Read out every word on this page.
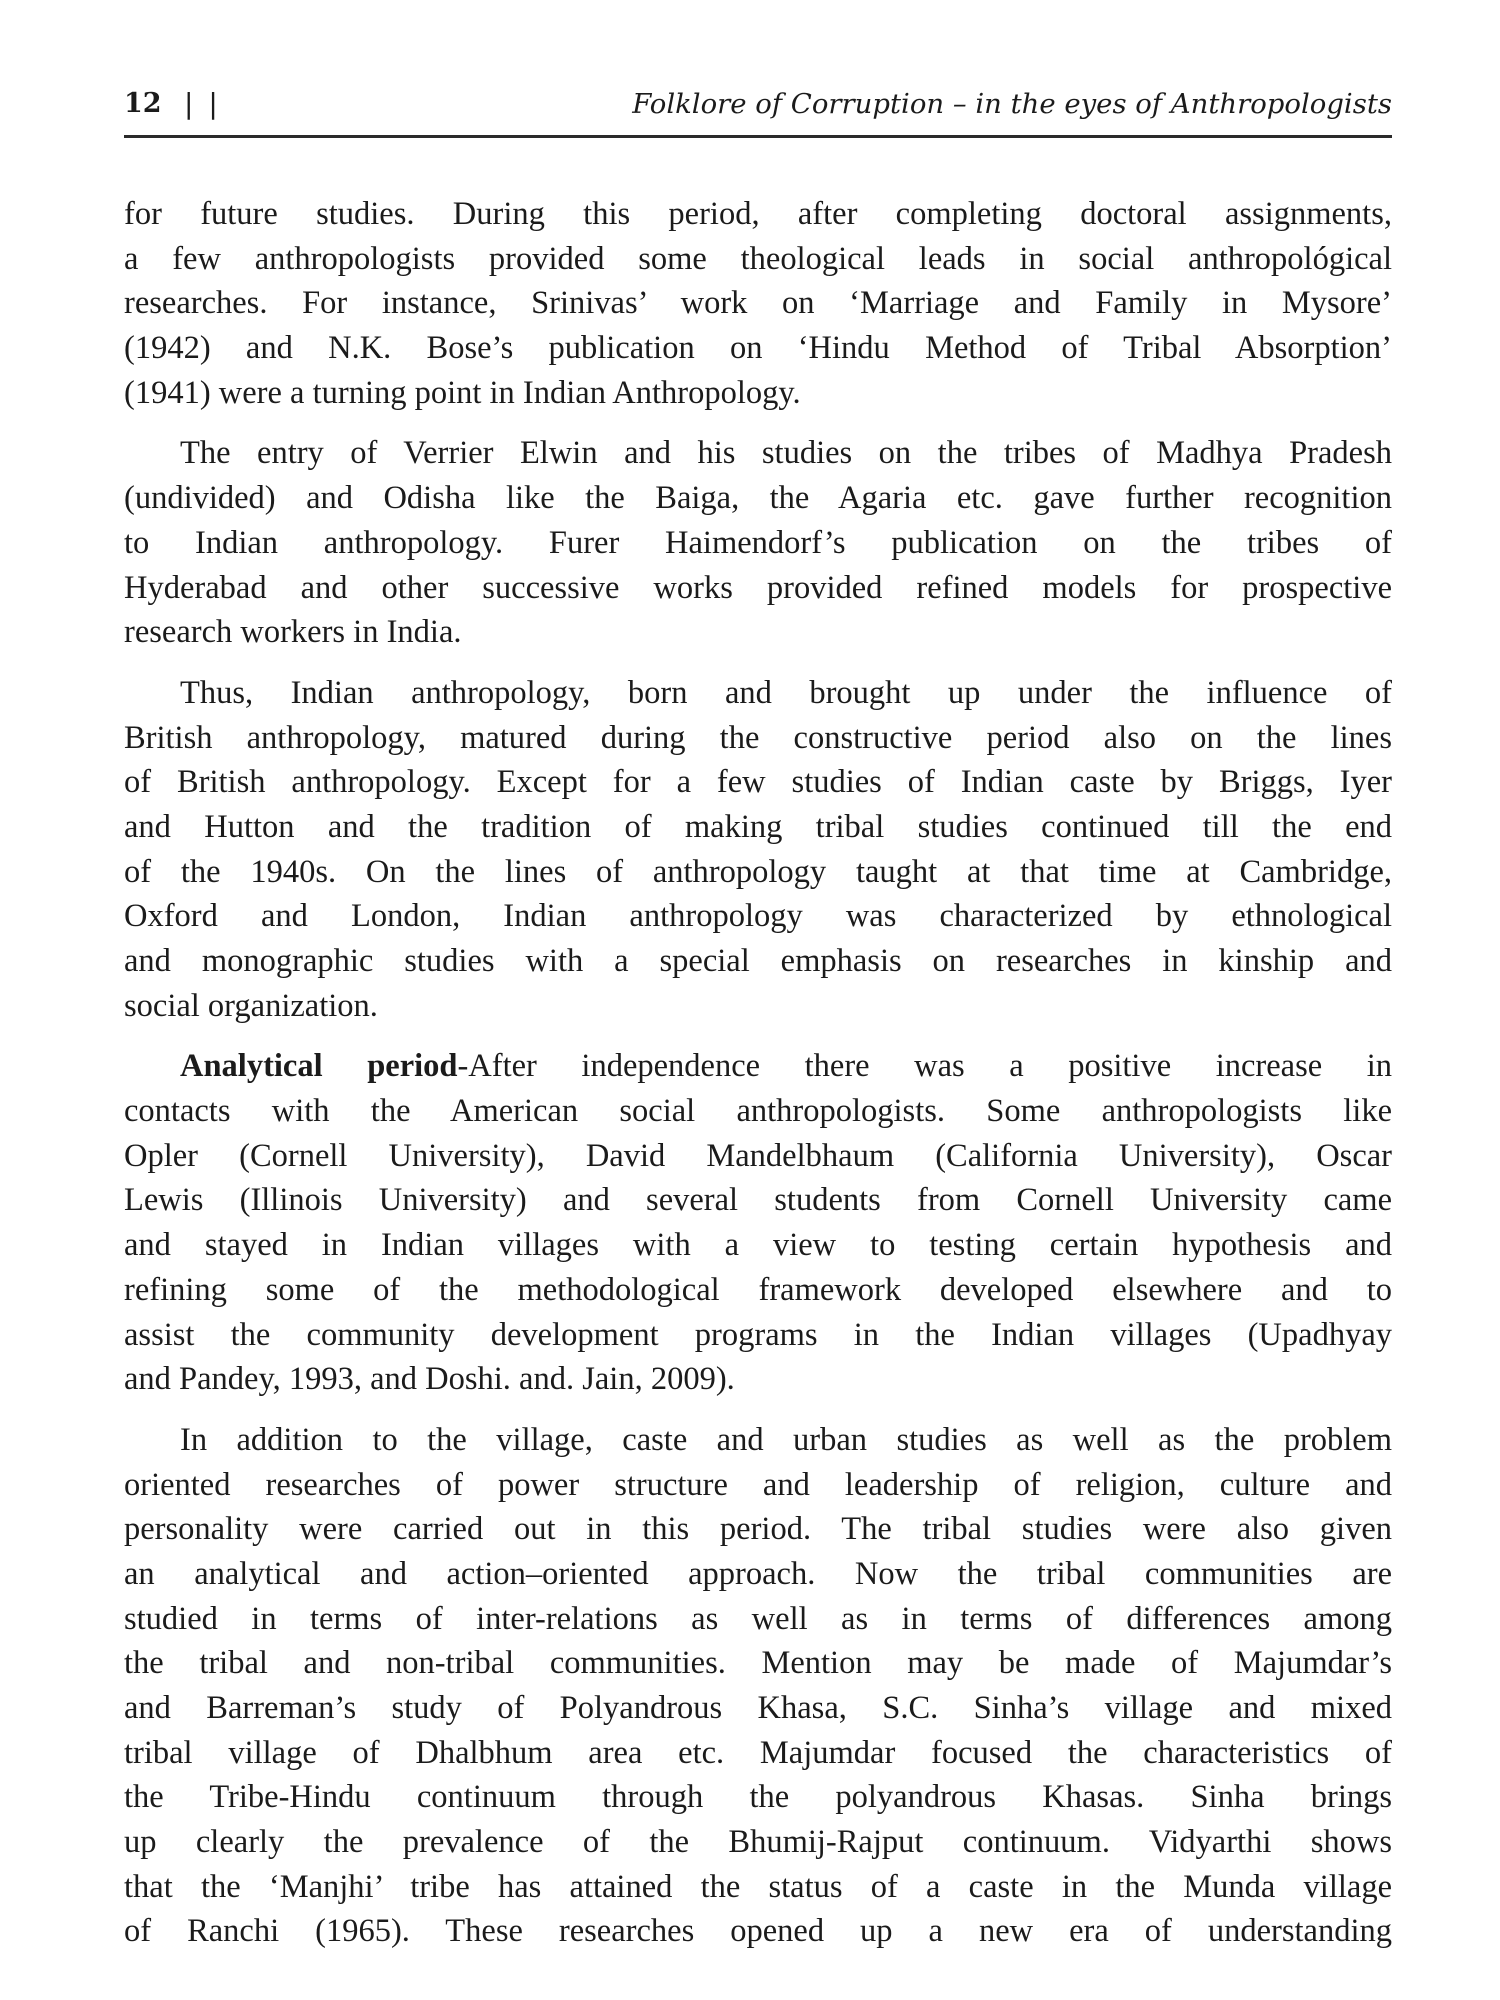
12 | |	Folklore of Corruption – in the eyes of Anthropologists

for future studies. During this period, after completing doctoral assignments,
a few anthropologists provided some theological leads in social anthropológical
researches. For instance, Srinivas’ work on ‘Marriage and Family in Mysore’
(1942) and N.K. Bose’s publication on ‘Hindu Method of Tribal Absorption’
(1941) were a turning point in Indian Anthropology.

The entry of Verrier Elwin and his studies on the tribes of Madhya Pradesh
(undivided) and Odisha like the Baiga, the Agaria etc. gave further recognition
to Indian anthropology. Furer Haimendorf’s publication on the tribes of
Hyderabad and other successive works provided refined models for prospective
research workers in India.

Thus, Indian anthropology, born and brought up under the influence of
British anthropology, matured during the constructive period also on the lines
of British anthropology. Except for a few studies of Indian caste by Briggs, Iyer
and Hutton and the tradition of making tribal studies continued till the end
of the 1940s. On the lines of anthropology taught at that time at Cambridge,
Oxford and London, Indian anthropology was characterized by ethnological
and monographic studies with a special emphasis on researches in kinship and
social organization.

Analytical period-After independence there was a positive increase in
contacts with the American social anthropologists. Some anthropologists like
Opler (Cornell University), David Mandelbhaum (California University), Oscar
Lewis (Illinois University) and several students from Cornell University came
and stayed in Indian villages with a view to testing certain hypothesis and
refining some of the methodological framework developed elsewhere and to
assist the community development programs in the Indian villages (Upadhyay
and Pandey, 1993, and Doshi. and. Jain, 2009).

In addition to the village, caste and urban studies as well as the problem
oriented researches of power structure and leadership of religion, culture and
personality were carried out in this period. The tribal studies were also given
an analytical and action–oriented approach. Now the tribal communities are
studied in terms of inter-relations as well as in terms of differences among
the tribal and non-tribal communities. Mention may be made of Majumdar’s
and Barreman’s study of Polyandrous Khasa, S.C. Sinha’s village and mixed
tribal village of Dhalbhum area etc. Majumdar focused the characteristics of
the Tribe-Hindu continuum through the polyandrous Khasas. Sinha brings
up clearly the prevalence of the Bhumij-Rajput continuum. Vidyarthi shows
that the ‘Manjhi’ tribe has attained the status of a caste in the Munda village
of Ranchi (1965). These researches opened up a new era of understanding
